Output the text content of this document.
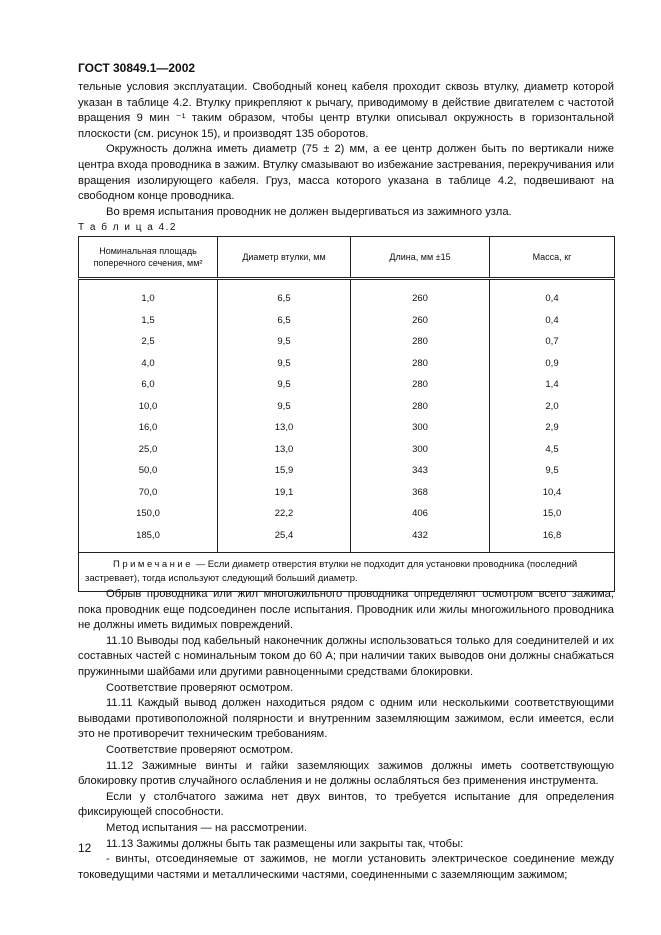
ГОСТ 30849.1—2002

тельные условия эксплуатации. Свободный конец кабеля проходит сквозь втулку, диаметр которой указан в таблице 4.2. Втулку прикрепляют к рычагу, приводимому в действие двигателем с частотой вращения 9 мин ⁻¹ таким образом, чтобы центр втулки описывал окружность в горизонтальной плоскости (см. рисунок 15), и производят 135 оборотов.

Окружность должна иметь диаметр (75 ± 2) мм, а ее центр должен быть по вертикали ниже центра входа проводника в зажим. Втулку смазывают во избежание застревания, перекручивания или вращения изолирующего кабеля. Груз, масса которого указана в таблице 4.2, подвешивают на свободном конце проводника.

Во время испытания проводник не должен выдергиваться из зажимного узла.

Т а б л и ц а 4.2
Номинальная площадь поперечного сечения, мм²	Диаметр втулки, мм	Длина, мм ±15	Масса, кг
1,0	6,5	260	0,4
1,5	6,5	260	0,4
2,5	9,5	280	0,7
4,0	9,5	280	0,9
6,0	9,5	280	1,4
10,0	9,5	280	2,0
16,0	13,0	300	2,9
25,0	13,0	300	4,5
50,0	15,9	343	9,5
70,0	19,1	368	10,4
150,0	22,2	406	15,0
185,0	25,4	432	16,8
Примечание — Если диаметр отверстия втулки не подходит для установки проводника (последний застревает), тогда используют следующий больший диаметр.			

Обрыв проводника или жил многожильного проводника определяют осмотром всего зажима, пока проводник еще подсоединен после испытания. Проводник или жилы многожильного проводника не должны иметь видимых повреждений.

11.10 Выводы под кабельный наконечник должны использоваться только для соединителей и их составных частей с номинальным током до 60 А; при наличии таких выводов они должны снабжаться пружинными шайбами или другими равноценными средствами блокировки.

Соответствие проверяют осмотром.

11.11 Каждый вывод должен находиться рядом с одним или несколькими соответствующими выводами противоположной полярности и внутренним заземляющим зажимом, если имеется, если это не противоречит техническим требованиям.

Соответствие проверяют осмотром.

11.12 Зажимные винты и гайки заземляющих зажимов должны иметь соответствующую блокировку против случайного ослабления и не должны ослабляться без применения инструмента.

Если у столбчатого зажима нет двух винтов, то требуется испытание для определения фиксирующей способности.

Метод испытания — на рассмотрении.

11.13 Зажимы должны быть так размещены или закрыты так, чтобы:

- винты, отсоединяемые от зажимов, не могли установить электрическое соединение между токоведущими частями и металлическими частями, соединенными с заземляющим зажимом;

12
